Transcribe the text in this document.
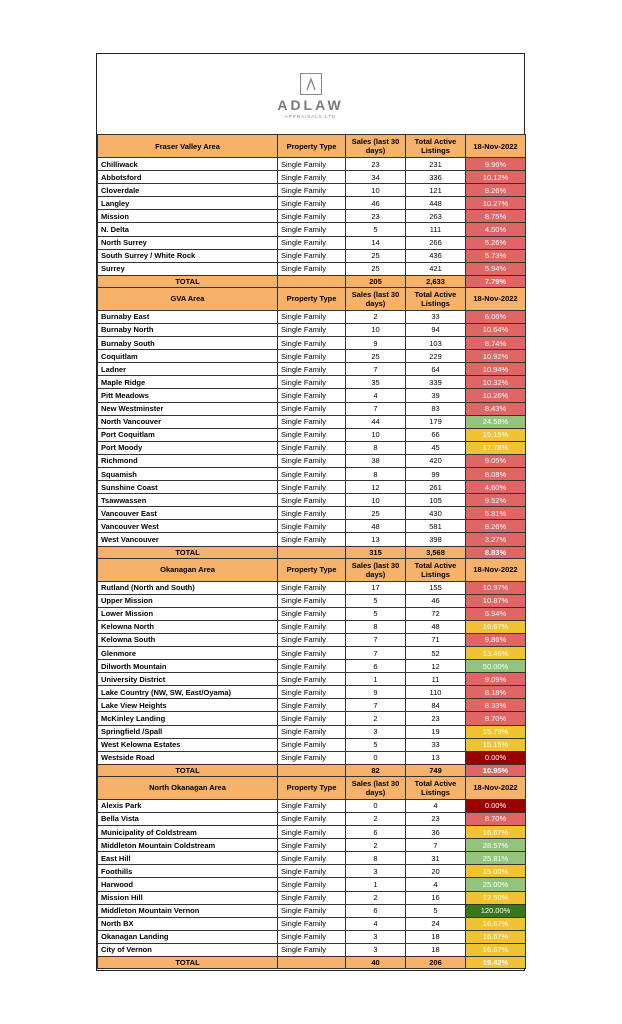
ADLAW
APPRAISALS LTD
Fraser Valley Area	Property Type	Sales (last 30 days)	Total Active Listings	18-Nov-2022
Chilliwack	Single Family	23	231	9.96%
Abbotsford	Single Family	34	336	10.12%
Cloverdale	Single Family	10	121	8.26%
Langley	Single Family	46	448	10.27%
Mission	Single Family	23	263	8.75%
N. Delta	Single Family	5	111	4.50%
North Surrey	Single Family	14	266	5.26%
South Surrey / White Rock	Single Family	25	436	5.73%
Surrey	Single Family	25	421	5.94%
TOTAL		205	2,633	7.79%
GVA Area	Property Type	Sales (last 30 days)	Total Active Listings	18-Nov-2022
Burnaby East	Single Family	2	33	6.06%
Burnaby North	Single Family	10	94	10.64%
Burnaby South	Single Family	9	103	8.74%
Coquitlam	Single Family	25	229	10.92%
Ladner	Single Family	7	64	10.94%
Maple Ridge	Single Family	35	339	10.32%
Pitt Meadows	Single Family	4	39	10.26%
New Westminster	Single Family	7	83	8.43%
North Vancouver	Single Family	44	179	24.58%
Port Coquitlam	Single Family	10	66	15.15%
Port Moody	Single Family	8	45	17.78%
Richmond	Single Family	38	420	9.05%
Squamish	Single Family	8	99	8.08%
Sunshine Coast	Single Family	12	261	4.60%
Tsawwassen	Single Family	10	105	9.52%
Vancouver East	Single Family	25	430	5.81%
Vancouver West	Single Family	48	581	8.26%
West Vancouver	Single Family	13	398	3.27%
TOTAL		315	3,568	8.83%
Okanagan Area	Property Type	Sales (last 30 days)	Total Active Listings	18-Nov-2022
Rutland (North and South)	Single Family	17	155	10.97%
Upper Mission	Single Family	5	46	10.87%
Lower Mission	Single Family	5	72	6.94%
Kelowna North	Single Family	8	48	16.67%
Kelowna South	Single Family	7	71	9.86%
Glenmore	Single Family	7	52	13.46%
Dilworth Mountain	Single Family	6	12	50.00%
University District	Single Family	1	11	9.09%
Lake Country (NW, SW, East/Oyama)	Single Family	9	110	8.18%
Lake View Heights	Single Family	7	84	8.33%
McKinley Landing	Single Family	2	23	8.70%
Springfield /Spall	Single Family	3	19	15.79%
West Kelowna Estates	Single Family	5	33	15.15%
Westside Road	Single Family	0	13	0.00%
TOTAL		82	749	10.95%
North Okanagan Area	Property Type	Sales (last 30 days)	Total Active Listings	18-Nov-2022
Alexis Park	Single Family	0	4	0.00%
Bella Vista	Single Family	2	23	8.70%
Municipality of Coldstream	Single Family	6	36	16.67%
Middleton Mountain Coldstream	Single Family	2	7	28.57%
East Hill	Single Family	8	31	25.81%
Foothills	Single Family	3	20	15.00%
Harwood	Single Family	1	4	25.00%
Mission Hill	Single Family	2	16	12.50%
Middleton Mountain Vernon	Single Family	6	5	120.00%
North BX	Single Family	4	24	16.67%
Okanagan Landing	Single Family	3	18	16.67%
City of Vernon	Single Family	3	18	16.67%
TOTAL		40	206	19.42%
